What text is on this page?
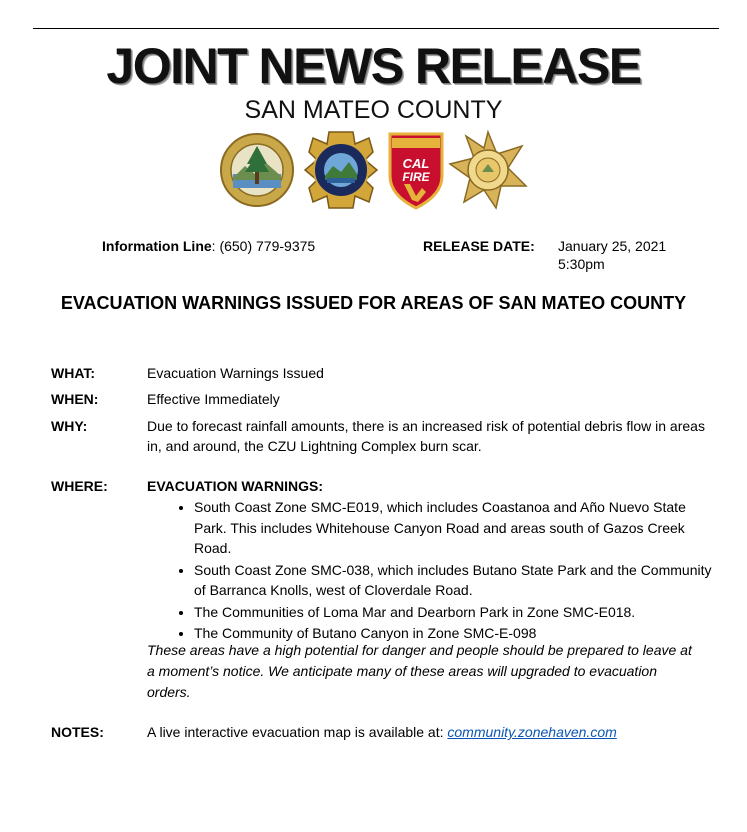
JOINT NEWS RELEASE
SAN MATEO COUNTY
CAL
FIRE
Information Line: (650) 779-9375	RELEASE DATE: January 25, 2021
5:30pm
EVACUATION WARNINGS ISSUED FOR AREAS OF SAN MATEO COUNTY
WHAT:	Evacuation Warnings Issued
WHEN:	Effective Immediately
WHY:	Due to forecast rainfall amounts, there is an increased risk of potential debris flow in areas in, and around, the CZU Lightning Complex burn scar.
WHERE:	EVACUATION WARNINGS:
• South Coast Zone SMC-E019, which includes Coastanoa and Año Nuevo State Park. This includes Whitehouse Canyon Road and areas south of Gazos Creek Road.
• South Coast Zone SMC-038, which includes Butano State Park and the Community of Barranca Knolls, west of Cloverdale Road.
• The Communities of Loma Mar and Dearborn Park in Zone SMC-E018.
• The Community of Butano Canyon in Zone SMC-E-098
These areas have a high potential for danger and people should be prepared to leave at a moment’s notice. We anticipate many of these areas will upgraded to evacuation orders.
NOTES:	A live interactive evacuation map is available at: community.zonehaven.com
